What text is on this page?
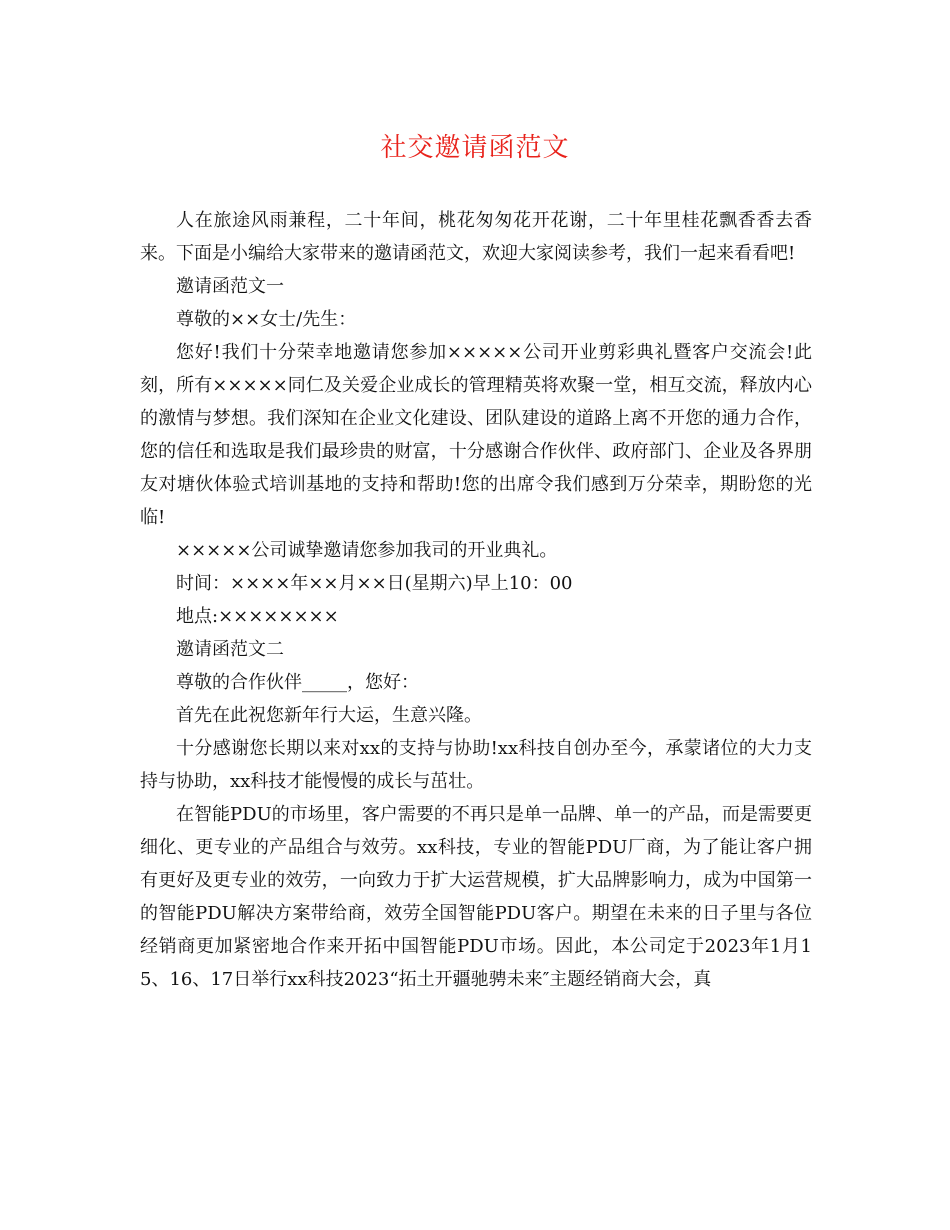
社交邀请函范文

人在旅途风雨兼程，二十年间，桃花匆匆花开花谢，二十年里桂花飘香香去香来。下面是小编给大家带来的邀请函范文，欢迎大家阅读参考，我们一起来看看吧!

邀请函范文一

尊敬的××女士/先生：

您好!我们十分荣幸地邀请您参加×××××公司开业剪彩典礼暨客户交流会!此刻，所有×××××同仁及关爱企业成长的管理精英将欢聚一堂，相互交流，释放内心的激情与梦想。我们深知在企业文化建设、团队建设的道路上离不开您的通力合作，您的信任和选取是我们最珍贵的财富，十分感谢合作伙伴、政府部门、企业及各界朋友对塘伙体验式培训基地的支持和帮助!您的出席令我们感到万分荣幸，期盼您的光临!

×××××公司诚挚邀请您参加我司的开业典礼。

时间：××××年××月××日(星期六)早上10：00

地点:××××××××

邀请函范文二

尊敬的合作伙伴_____，您好：

首先在此祝您新年行大运，生意兴隆。

十分感谢您长期以来对xx的支持与协助!xx科技自创办至今，承蒙诸位的大力支持与协助，xx科技才能慢慢的成长与茁壮。

在智能PDU的市场里，客户需要的不再只是单一品牌、单一的产品，而是需要更细化、更专业的产品组合与效劳。xx科技，专业的智能PDU厂商，为了能让客户拥有更好及更专业的效劳，一向致力于扩大运营规模，扩大品牌影响力，成为中国第一的智能PDU解决方案带给商，效劳全国智能PDU客户。期望在未来的日子里与各位经销商更加紧密地合作来开拓中国智能PDU市场。因此，本公司定于2023年1月15、16、17日举行xx科技2023“拓土开疆驰骋未来″主题经销商大会，真
